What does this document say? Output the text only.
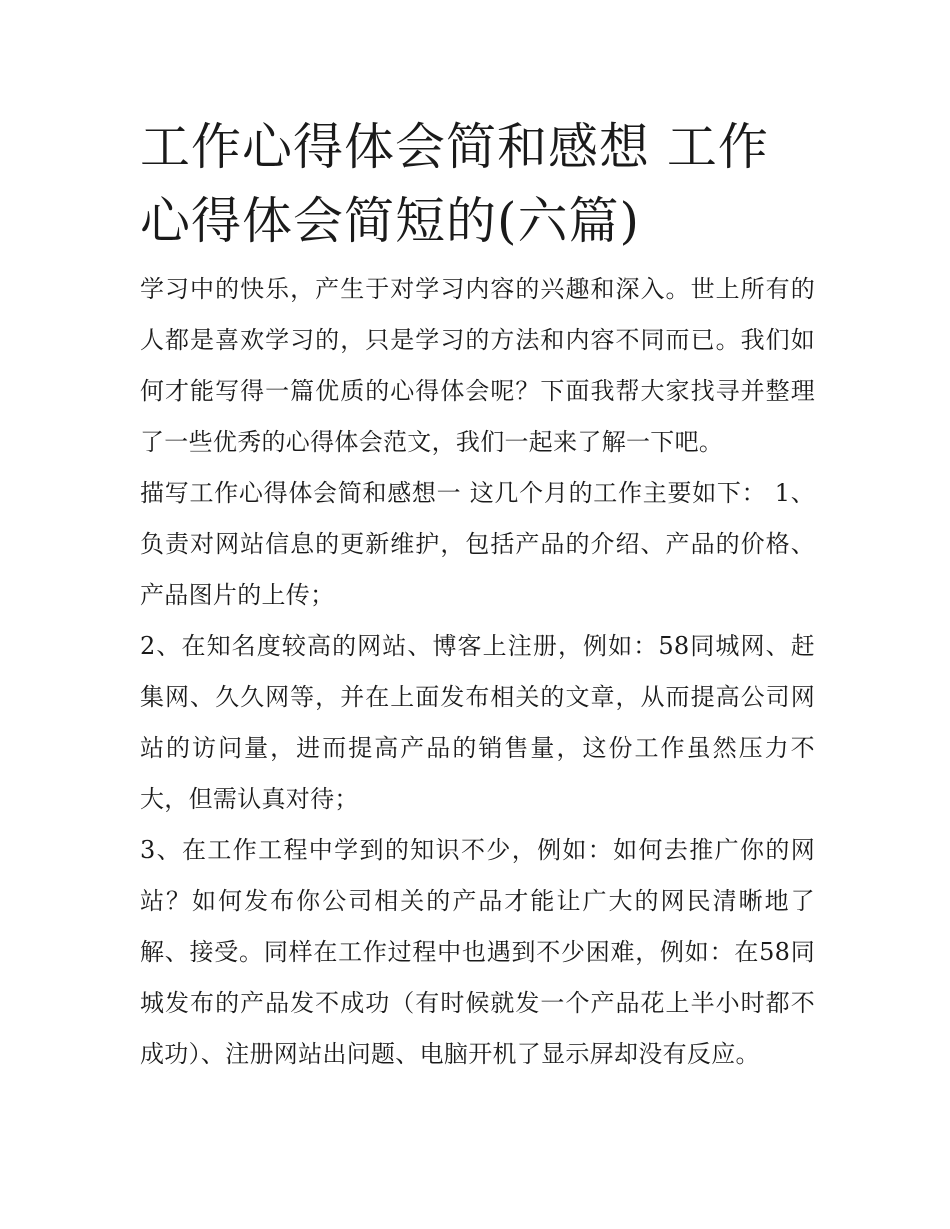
工作心得体会简和感想 工作心得体会简短的(六篇)

学习中的快乐，产生于对学习内容的兴趣和深入。世上所有的人都是喜欢学习的，只是学习的方法和内容不同而已。我们如何才能写得一篇优质的心得体会呢？下面我帮大家找寻并整理了一些优秀的心得体会范文，我们一起来了解一下吧。

描写工作心得体会简和感想一 这几个月的工作主要如下： 1、负责对网站信息的更新维护，包括产品的介绍、产品的价格、产品图片的上传；

2、在知名度较高的网站、博客上注册，例如：58同城网、赶集网、久久网等，并在上面发布相关的文章，从而提高公司网站的访问量，进而提高产品的销售量，这份工作虽然压力不大，但需认真对待；

3、在工作工程中学到的知识不少，例如：如何去推广你的网站？如何发布你公司相关的产品才能让广大的网民清晰地了解、接受。同样在工作过程中也遇到不少困难，例如：在58同城发布的产品发不成功（有时候就发一个产品花上半小时都不成功）、注册网站出问题、电脑开机了显示屏却没有反应。
